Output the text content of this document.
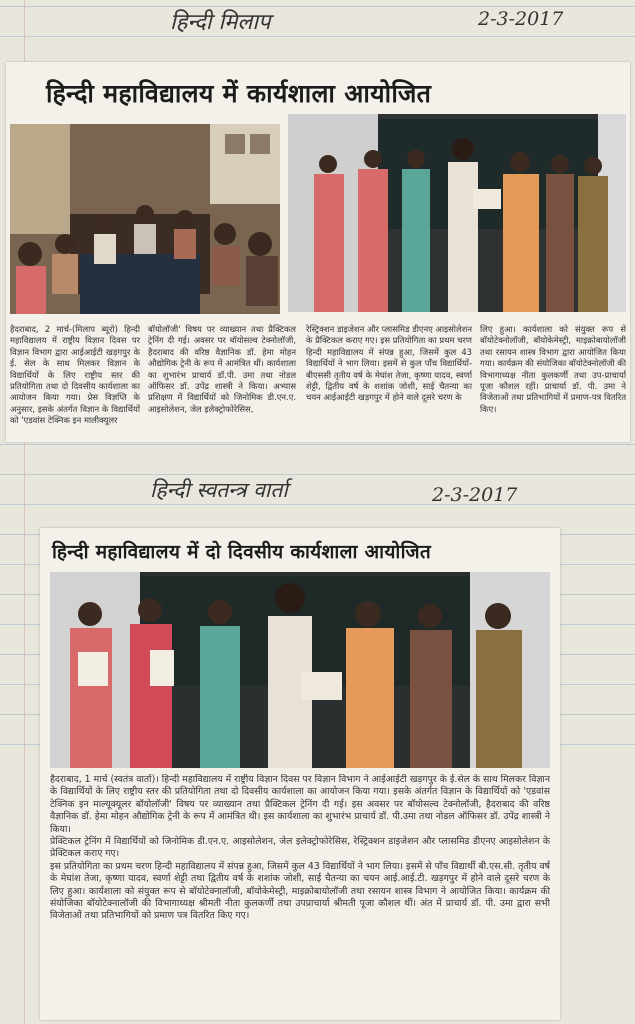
हिन्दी मिलाप	2-3-2017
हिन्दी महाविद्यालय में कार्यशाला आयोजित

हैदराबाद, 2 मार्च-(मिलाप ब्यूरो) हिन्दी महाविद्यालय में राष्ट्रीय विज्ञान दिवस पर विज्ञान विभाग द्वारा आईआईटी खड़गपुर के ई. सेल के साथ मिलकर विज्ञान के विद्यार्थियों के लिए राष्ट्रीय स्तर की प्रतियोगिता तथा दो दिवसीय कार्यशाला का आयोजन किया गया। प्रेस विज्ञप्ति के अनुसार, इसके अंतर्गत विज्ञान के विद्यार्थियों को 'एडवांस टेक्निक इन मालीक्यूलर

बॉयोलॉजी' विषय पर व्याख्यान तथा प्रैक्टिकल ट्रेनिंग दी गई। अवसर पर बॉयोसल्व टेक्नोलॉजी, हैदराबाद की वरिष्ठ वैज्ञानिक डॉ. हेमा मोहन औद्योगिक ट्रेनी के रूप में आमंत्रित थीं। कार्यशाला का शुभारंभ प्राचार्य डॉ.पी. उमा तथा नोडल ऑफिसर डॉ. उपेंद्र शास्त्री ने किया। अभ्यास प्रशिक्षण में विद्यार्थियों को जिनोमिक डी.एन.ए. आइसोलेशन, जेल इलेक्ट्रोफोरेसिस,

रेस्ट्रिक्शन डाइजेशन और प्लासमिड डीएनए आइसोलेशन के प्रैक्टिकल कराए गए। इस प्रतियोगिता का प्रथम चरण हिन्दी महाविद्यालय में संपन्न हुआ, जिसमें कुल 43 विद्यार्थियों ने भाग लिया। इसमें से कुल पाँच विद्यार्थियों-बीएससी तृतीय वर्ष के मेघांश तेजा, कृष्णा यादव, स्वर्णा शेट्टी, द्वितीय वर्ष के शशांक जोशी, साई चैतन्या का चयन आईआईटी खड़गपुर में होने वाले दूसरे चरण के

लिए हुआ। कार्यशाला को संयुक्त रूप से बॉयोटेक्नोलॉजी, बॉयोकेमेस्ट्री, माइक्रोबायोलॉजी तथा रसायन शास्त्र विभाग द्वारा आयोजित किया गया। कार्यक्रम की संयोजिका बॉयोटेक्नोलॉजी की विभागाध्यक्ष नीता कुलकर्णी तथा उप-प्राचार्या पूजा कौशल रहीं। प्राचार्या डॉ. पी. उमा ने विजेताओं तथा प्रतिभागियों में प्रमाण-पत्र वितरित किए।

हिन्दी स्वतन्त्र वार्ता	2-3-2017
हिन्दी महाविद्यालय में दो दिवसीय कार्यशाला आयोजित

हैदराबाद, 1 मार्च (स्वतंत्र वार्ता)। हिन्दी महाविद्यालय में राष्ट्रीय विज्ञान दिवस पर विज्ञान विभाग ने आईआईटी खड़गपुर के ई.सेल के साथ मिलकर विज्ञान के विद्यार्थियों के लिए राष्ट्रीय स्तर की प्रतियोगिता तथा दो दिवसीय कार्यशाला का आयोजन किया गया। इसके अंतर्गत विज्ञान के विद्यार्थियों को 'एडवांस टेक्निक इन माल्यूक्यूलर बॉयोलॉजी' विषय पर व्याख्यान तथा प्रैक्टिकल ट्रेनिंग दी गई। इस अवसर पर बॉयोसल्व टेक्नोलॉजी, हैदराबाद की वरिष्ठ वैज्ञानिक डॉ. हेमा मोहन औद्योगिक ट्रेनी के रूप में आमंत्रित थी। इस कार्यशाला का शुभारंभ प्राचार्य डॉ. पी.उमा तथा नोडल ऑफिसर डॉ. उपेंद्र शास्त्री ने किया।

प्रेक्टिकल ट्रेनिंग में विद्यार्थियों को जिनोमिक डी.एन.ए. आइसोलेशन, जेल इलेक्ट्रोफोरेसिस, रेस्ट्रिक्शन डाइजेशन और प्लासमिड डीएनए आइसोलेशन के प्रेक्टिकल कराए गए।

इस प्रतियोगिता का प्रथम चरण हिन्दी महाविद्यालय में संपन्न हुआ, जिसमें कुल 43 विद्यार्थियों ने भाग लिया। इसमें से पाँच विद्यार्थी बी.एस.सी. तृतीय वर्ष के मेघांश तेजा, कृष्णा यादव, स्वर्णा शेट्टी तथा द्वितीय वर्ष के शशांक जोशी, साई चैतन्या का चयन आई.आई.टी. खड़गपुर में होने वाले दूसरे चरण के लिए हुआ। कार्यशाला को संयुक्त रूप से बॉयोटेक्नालॉजी, बॉयोकेमेस्ट्री, माइक्रोबायोलॉजी तथा रसायन शास्त्र विभाग ने आयोजित किया। कार्यक्रम की संयोजिका बॉयोटेक्नालॉजी की विभागाध्यक्ष श्रीमती नीता कुलकर्णी तथा उपप्राचार्या श्रीमती पूजा कौशल थीं। अंत में प्राचार्य डॉ. पी. उमा द्वारा सभी विजेताओं तथा प्रतिभागियों को प्रमाण पत्र वितरित किए गए।
